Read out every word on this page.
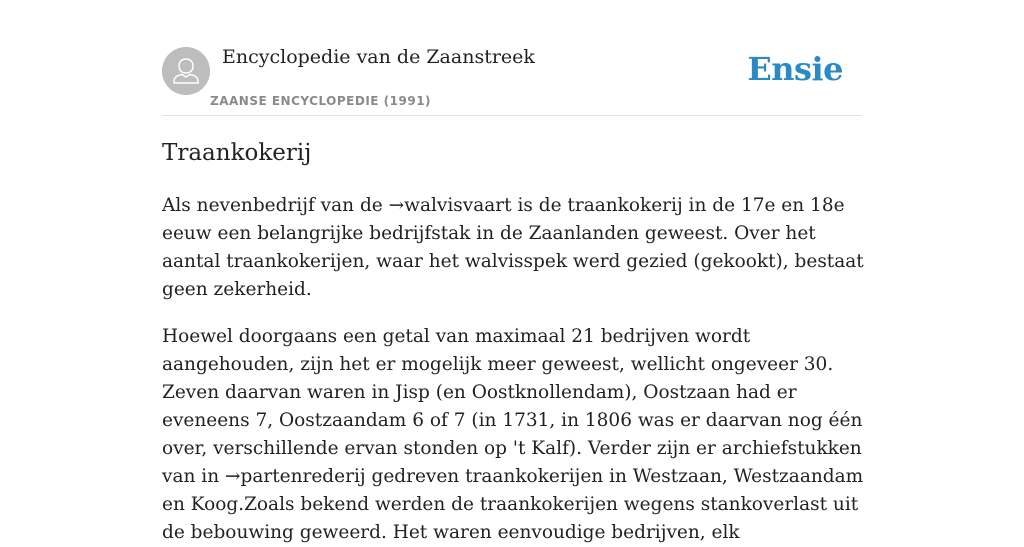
Encyclopedie van de Zaanstreek
ZAANSE ENCYCLOPEDIE (1991)
Ensie
Traankokerij

Als nevenbedrijf van de →walvisvaart is de traankokerij in de 17e en 18e eeuw een belangrijke bedrijfstak in de Zaanlanden geweest. Over het aantal traankokerijen, waar het walvisspek werd gezied (gekookt), bestaat geen zekerheid.

Hoewel doorgaans een getal van maximaal 21 bedrijven wordt aangehouden, zijn het er mogelijk meer geweest, wellicht ongeveer 30. Zeven daarvan waren in Jisp (en Oostknollendam), Oostzaan had er eveneens 7, Oostzaandam 6 of 7 (in 1731, in 1806 was er daarvan nog één over, verschillende ervan stonden op 't Kalf). Verder zijn er archiefstukken van in →partenrederij gedreven traankokerijen in Westzaan, Westzaandam en Koog.Zoals bekend werden de traankokerijen wegens stankoverlast uit de bebouwing geweerd. Het waren eenvoudige bedrijven, elk
